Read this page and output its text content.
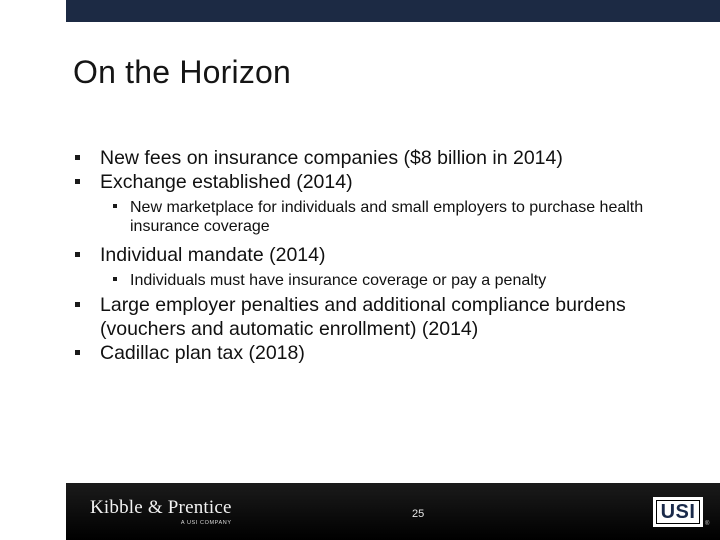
On the Horizon
New fees on insurance companies ($8 billion in 2014)
Exchange established (2014)
New marketplace for individuals and small employers to purchase health insurance coverage
Individual mandate (2014)
Individuals must have insurance coverage or pay a penalty
Large employer penalties and additional compliance burdens (vouchers and automatic enrollment) (2014)
Cadillac plan tax (2018)
Kibble & Prentice
A USI COMPANY
25	USI
®
